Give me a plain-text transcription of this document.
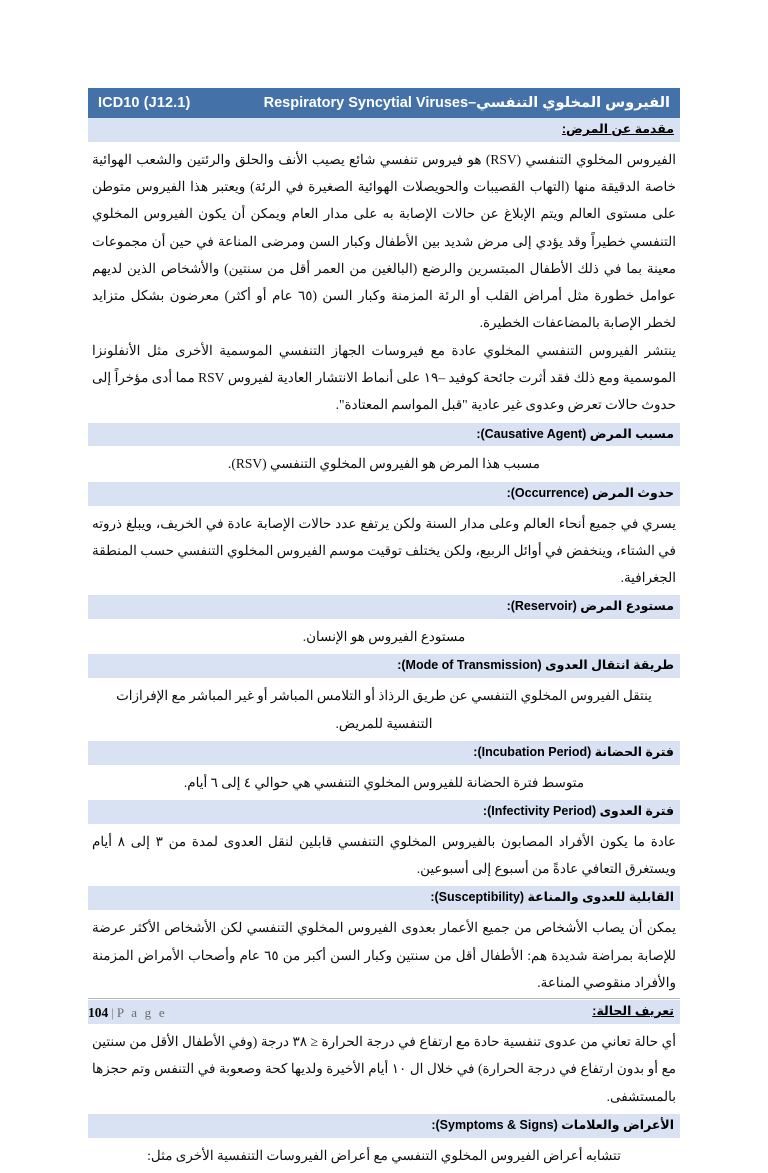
الفيروس المخلوي التنفسي–Respiratory Syncytial Viruses
ICD10 (J12.1)
مقدمة عن المرض:

الفيروس المخلوي التنفسي (RSV) هو فيروس تنفسي شائع يصيب الأنف والحلق والرئتين والشعب الهوائية خاصة الدقيقة منها (التهاب القصيبات والحويصلات الهوائية الصغيرة في الرئة) ويعتبر هذا الفيروس متوطن على مستوى العالم ويتم الإبلاغ عن حالات الإصابة به على مدار العام ويمكن أن يكون الفيروس المخلوي التنفسي خطيراً وقد يؤدي إلى مرض شديد بين الأطفال وكبار السن ومرضى المناعة في حين أن مجموعات معينة بما في ذلك الأطفال المبتسرين والرضع (البالغين من العمر أقل من سنتين) والأشخاص الذين لديهم عوامل خطورة مثل أمراض القلب أو الرئة المزمنة وكبار السن (٦٥ عام أو أكثر) معرضون بشكل متزايد لخطر الإصابة بالمضاعفات الخطيرة.

ينتشر الفيروس التنفسي المخلوي عادة مع فيروسات الجهاز التنفسي الموسمية الأخرى مثل الأنفلونزا الموسمية ومع ذلك فقد أثرت جائحة كوفيد –١٩ على أنماط الانتشار العادية لفيروس RSV مما أدى مؤخراً إلى حدوث حالات تعرض وعدوى غير عادية "قبل المواسم المعتادة".

مسبب المرض (Causative Agent):

مسبب هذا المرض هو الفيروس المخلوي التنفسي (RSV).

حدوث المرض (Occurrence):

يسري في جميع أنحاء العالم وعلى مدار السنة ولكن يرتفع عدد حالات الإصابة عادة في الخريف، ويبلغ ذروته في الشتاء، وينخفض في أوائل الربيع، ولكن يختلف توقيت موسم الفيروس المخلوي التنفسي حسب المنطقة الجغرافية.

مستودع المرض (Reservoir):

مستودع الفيروس هو الإنسان.

طريقة انتقال العدوى (Mode of Transmission):

ينتقل الفيروس المخلوي التنفسي عن طريق الرذاذ أو التلامس المباشر أو غير المباشر مع الإفرازات التنفسية للمريض.

فترة الحضانة (Incubation Period):

متوسط فترة الحضانة للفيروس المخلوي التنفسي هي حوالي ٤ إلى ٦ أيام.

فترة العدوى (Infectivity Period):

عادة ما يكون الأفراد المصابون بالفيروس المخلوي التنفسي قابلين لنقل العدوى لمدة من ٣ إلى ٨ أيام ويستغرق التعافي عادةً من أسبوع إلى أسبوعين.

القابلية للعدوى والمناعة (Susceptibility):

يمكن أن يصاب الأشخاص من جميع الأعمار بعدوى الفيروس المخلوي التنفسي لكن الأشخاص الأكثر عرضة للإصابة بمراضة شديدة هم: الأطفال أقل من سنتين وكبار السن أكبر من ٦٥ عام وأصحاب الأمراض المزمنة والأفراد منقوصي المناعة.

تعريف الحالة:

أي حالة تعاني من عدوى تنفسية حادة مع ارتفاع في درجة الحرارة ≤ ٣٨ درجة (وفي الأطفال الأقل من سنتين مع أو بدون ارتفاع في درجة الحرارة) في خلال ال ١٠ أيام الأخيرة ولديها كحة وصعوبة في التنفس وتم حجزها بالمستشفى.

الأعراض والعلامات (Symptoms & Signs):

تتشابه أعراض الفيروس المخلوي التنفسي مع أعراض الفيروسات التنفسية الأخرى مثل:

104 | P a g e
